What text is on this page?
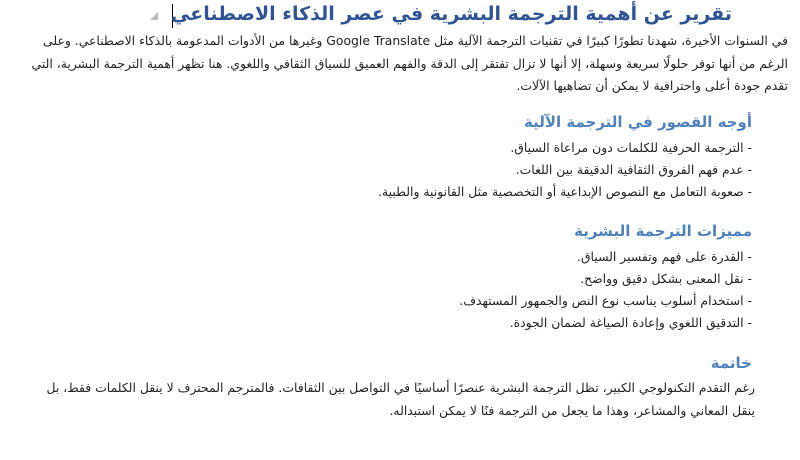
تقرير عن أهمية الترجمة البشرية في عصر الذكاء الاصطناعي
في السنوات الأخيرة، شهدنا تطورًا كبيرًا في تقنيات الترجمة الآلية مثل Google Translate وغيرها من الأدوات المدعومة بالذكاء الاصطناعي. وعلى الرغم من أنها توفر حلولًا سريعة وسهلة، إلا أنها لا تزال تفتقر إلى الدقة والفهم العميق للسياق الثقافي واللغوي. هنا تظهر أهمية الترجمة البشرية، التي تقدم جودة أعلى واحترافية لا يمكن أن تضاهيها الآلات.
أوجه القصور في الترجمة الآلية
- الترجمة الحرفية للكلمات دون مراعاة السياق.
- عدم فهم الفروق الثقافية الدقيقة بين اللغات.
- صعوبة التعامل مع النصوص الإبداعية أو التخصصية مثل القانونية والطبية.
مميزات الترجمة البشرية
- القدرة على فهم وتفسير السياق.
- نقل المعنى بشكل دقيق وواضح.
- استخدام أسلوب يناسب نوع النص والجمهور المستهدف.
- التدقيق اللغوي وإعادة الصياغة لضمان الجودة.
خاتمة
رغم التقدم التكنولوجي الكبير، تظل الترجمة البشرية عنصرًا أساسيًا في التواصل بين الثقافات. فالمترجم المحترف لا ينقل الكلمات فقط، بل ينقل المعاني والمشاعر، وهذا ما يجعل من الترجمة فنًا لا يمكن استبداله.
